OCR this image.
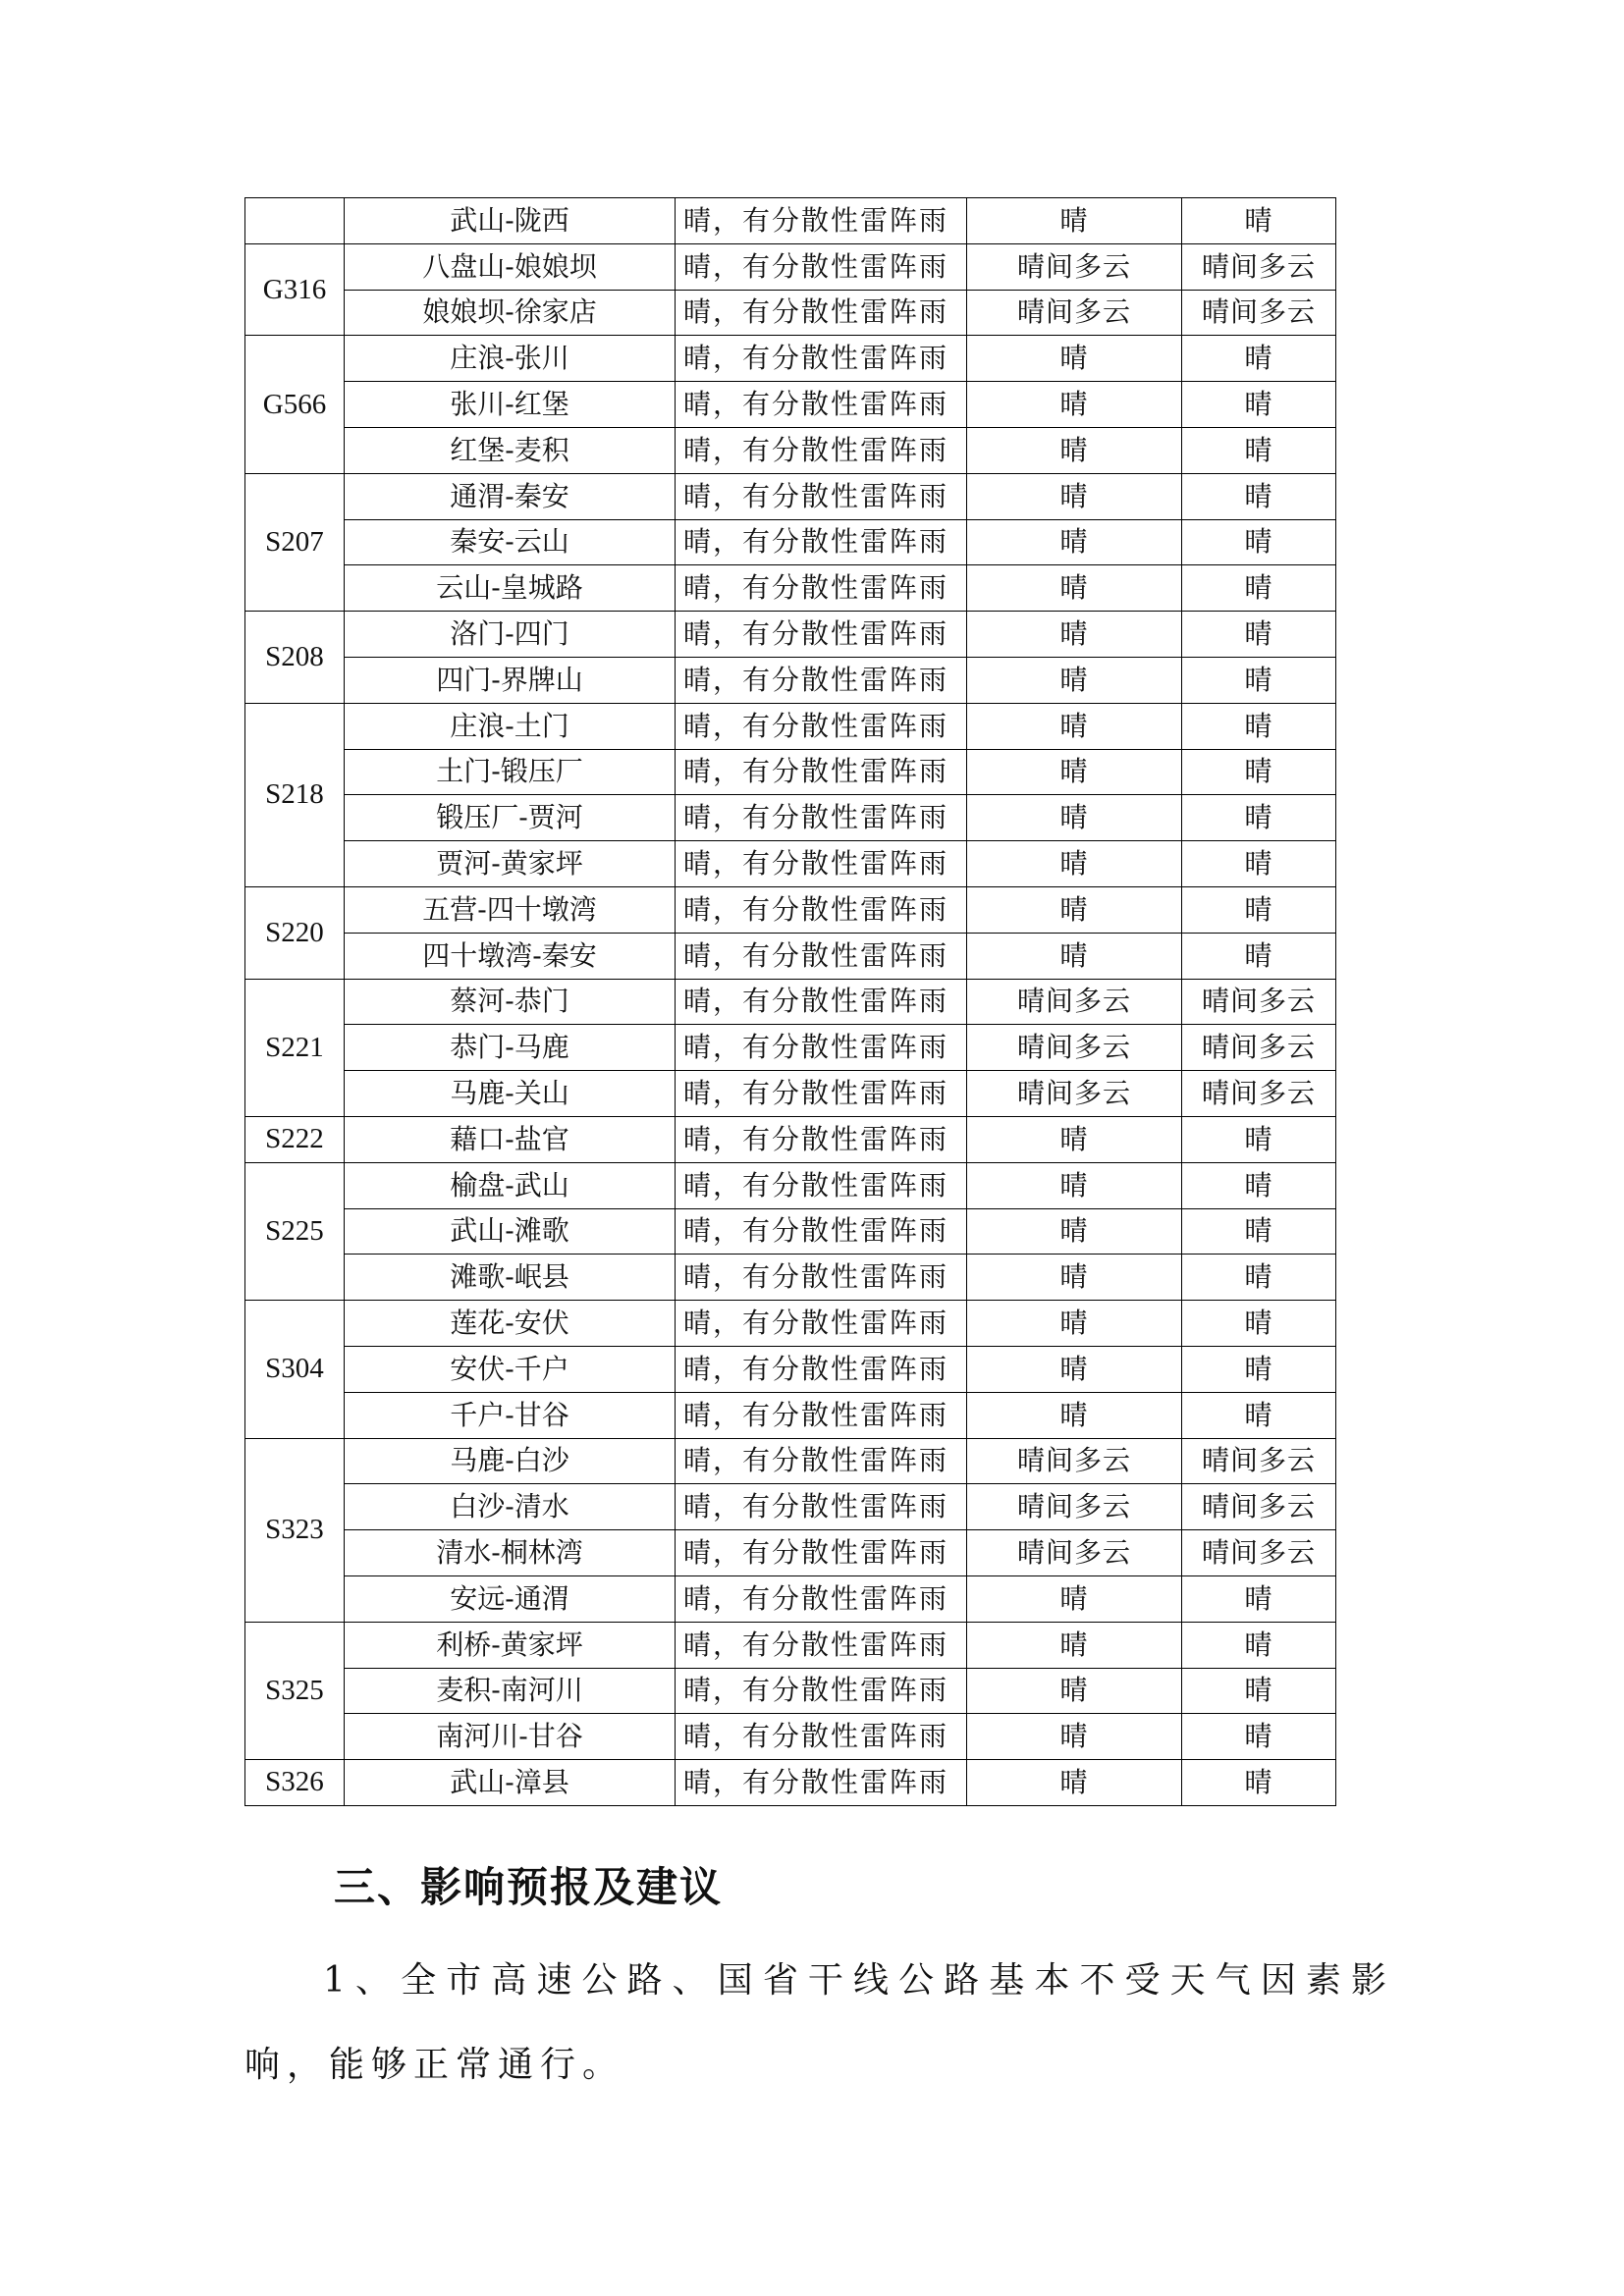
	武山-陇西	晴，有分散性雷阵雨	晴	晴
G316	八盘山-娘娘坝	晴，有分散性雷阵雨	晴间多云	晴间多云
	娘娘坝-徐家店	晴，有分散性雷阵雨	晴间多云	晴间多云
G566	庄浪-张川	晴，有分散性雷阵雨	晴	晴
	张川-红堡	晴，有分散性雷阵雨	晴	晴
	红堡-麦积	晴，有分散性雷阵雨	晴	晴
S207	通渭-秦安	晴，有分散性雷阵雨	晴	晴
	秦安-云山	晴，有分散性雷阵雨	晴	晴
	云山-皇城路	晴，有分散性雷阵雨	晴	晴
S208	洛门-四门	晴，有分散性雷阵雨	晴	晴
	四门-界牌山	晴，有分散性雷阵雨	晴	晴
S218	庄浪-土门	晴，有分散性雷阵雨	晴	晴
	土门-锻压厂	晴，有分散性雷阵雨	晴	晴
	锻压厂-贾河	晴，有分散性雷阵雨	晴	晴
	贾河-黄家坪	晴，有分散性雷阵雨	晴	晴
S220	五营-四十墩湾	晴，有分散性雷阵雨	晴	晴
	四十墩湾-秦安	晴，有分散性雷阵雨	晴	晴
S221	蔡河-恭门	晴，有分散性雷阵雨	晴间多云	晴间多云
	恭门-马鹿	晴，有分散性雷阵雨	晴间多云	晴间多云
	马鹿-关山	晴，有分散性雷阵雨	晴间多云	晴间多云
S222	藉口-盐官	晴，有分散性雷阵雨	晴	晴
S225	榆盘-武山	晴，有分散性雷阵雨	晴	晴
	武山-滩歌	晴，有分散性雷阵雨	晴	晴
	滩歌-岷县	晴，有分散性雷阵雨	晴	晴
S304	莲花-安伏	晴，有分散性雷阵雨	晴	晴
	安伏-千户	晴，有分散性雷阵雨	晴	晴
	千户-甘谷	晴，有分散性雷阵雨	晴	晴
S323	马鹿-白沙	晴，有分散性雷阵雨	晴间多云	晴间多云
	白沙-清水	晴，有分散性雷阵雨	晴间多云	晴间多云
	清水-桐林湾	晴，有分散性雷阵雨	晴间多云	晴间多云
	安远-通渭	晴，有分散性雷阵雨	晴	晴
S325	利桥-黄家坪	晴，有分散性雷阵雨	晴	晴
	麦积-南河川	晴，有分散性雷阵雨	晴	晴
	南河川-甘谷	晴，有分散性雷阵雨	晴	晴
S326	武山-漳县	晴，有分散性雷阵雨	晴	晴
三、影响预报及建议

1、全市高速公路、国省干线公路基本不受天气因素影响，能够正常通行。
